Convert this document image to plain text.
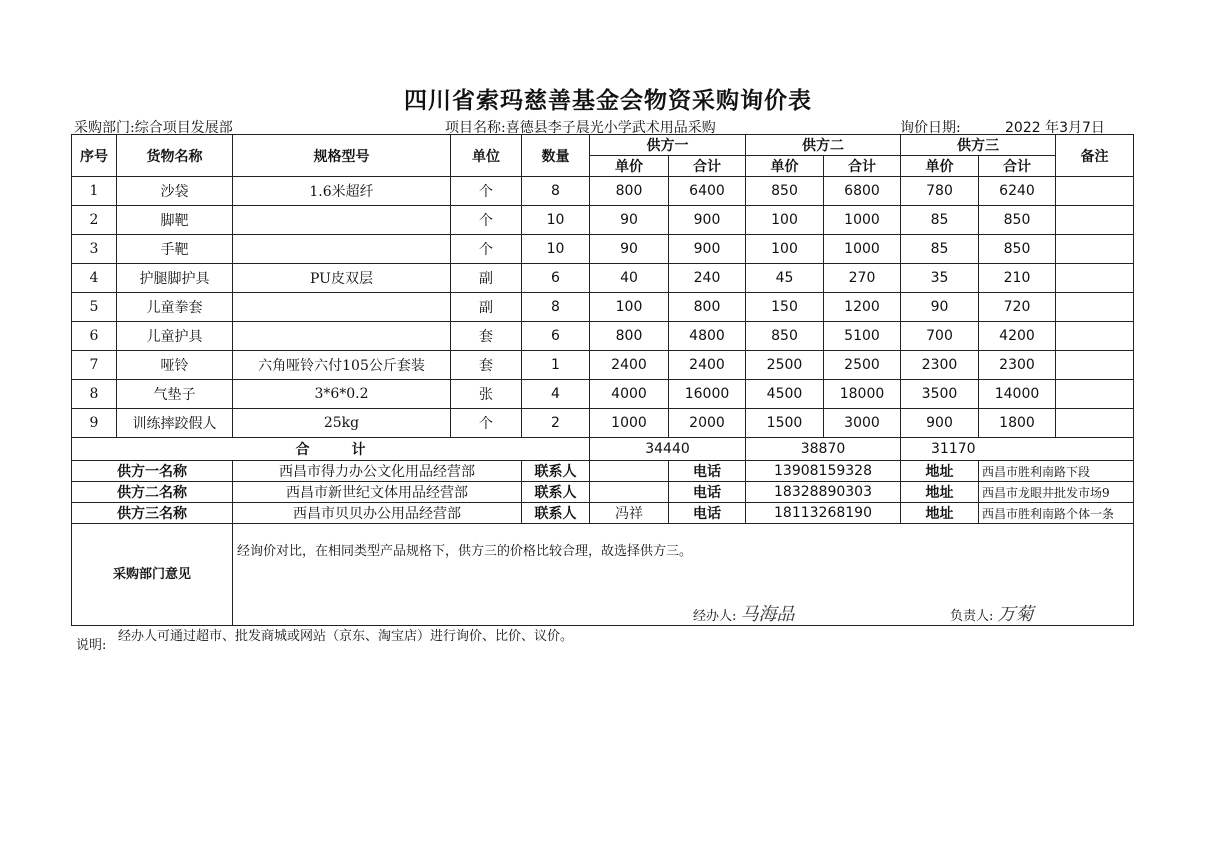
四川省索玛慈善基金会物资采购询价表
采购部门:综合项目发展部	项目名称:喜德县李子晨光小学武术用品采购	询价日期:	2022 年3月7日
序号	货物名称	规格型号	单位	数量	供方一		供方二		供方三		备注
					单价	合计	单价	合计	单价	合计	
1	沙袋	1.6米超纤	个	8	800	6400	850	6800	780	6240	
2	脚靶		个	10	90	900	100	1000	85	850	
3	手靶		个	10	90	900	100	1000	85	850	
4	护腿脚护具	PU皮双层	副	6	40	240	45	270	35	210	
5	儿童拳套		副	8	100	800	150	1200	90	720	
6	儿童护具		套	6	800	4800	850	5100	700	4200	
7	哑铃	六角哑铃六付105公斤套装	套	1	2400	2400	2500	2500	2300	2300	
8	气垫子	3*6*0.2	张	4	4000	16000	4500	18000	3500	14000	
9	训练摔跤假人	25kg	个	2	1000	2000	1500	3000	900	1800	
合　　　计					34440		38870		31170		
供方一名称		西昌市得力办公文化用品经营部		联系人		电话	13908159328		地址	西昌市胜利南路下段	
供方二名称		西昌市新世纪文体用品经营部		联系人		电话	18328890303		地址	西昌市龙眼井批发市场9	
供方三名称		西昌市贝贝办公用品经营部		联系人	冯祥	电话	18113268190		地址	西昌市胜利南路个体一条	
采购部门意见		经询价对比，在相同类型产品规格下，供方三的价格比较合理，故选择供方三。
经办人: 马海品 负责人: 万菊									
经办人可通过超市、批发商城或网站（京东、淘宝店）进行询价、比价、议价。
说明:
